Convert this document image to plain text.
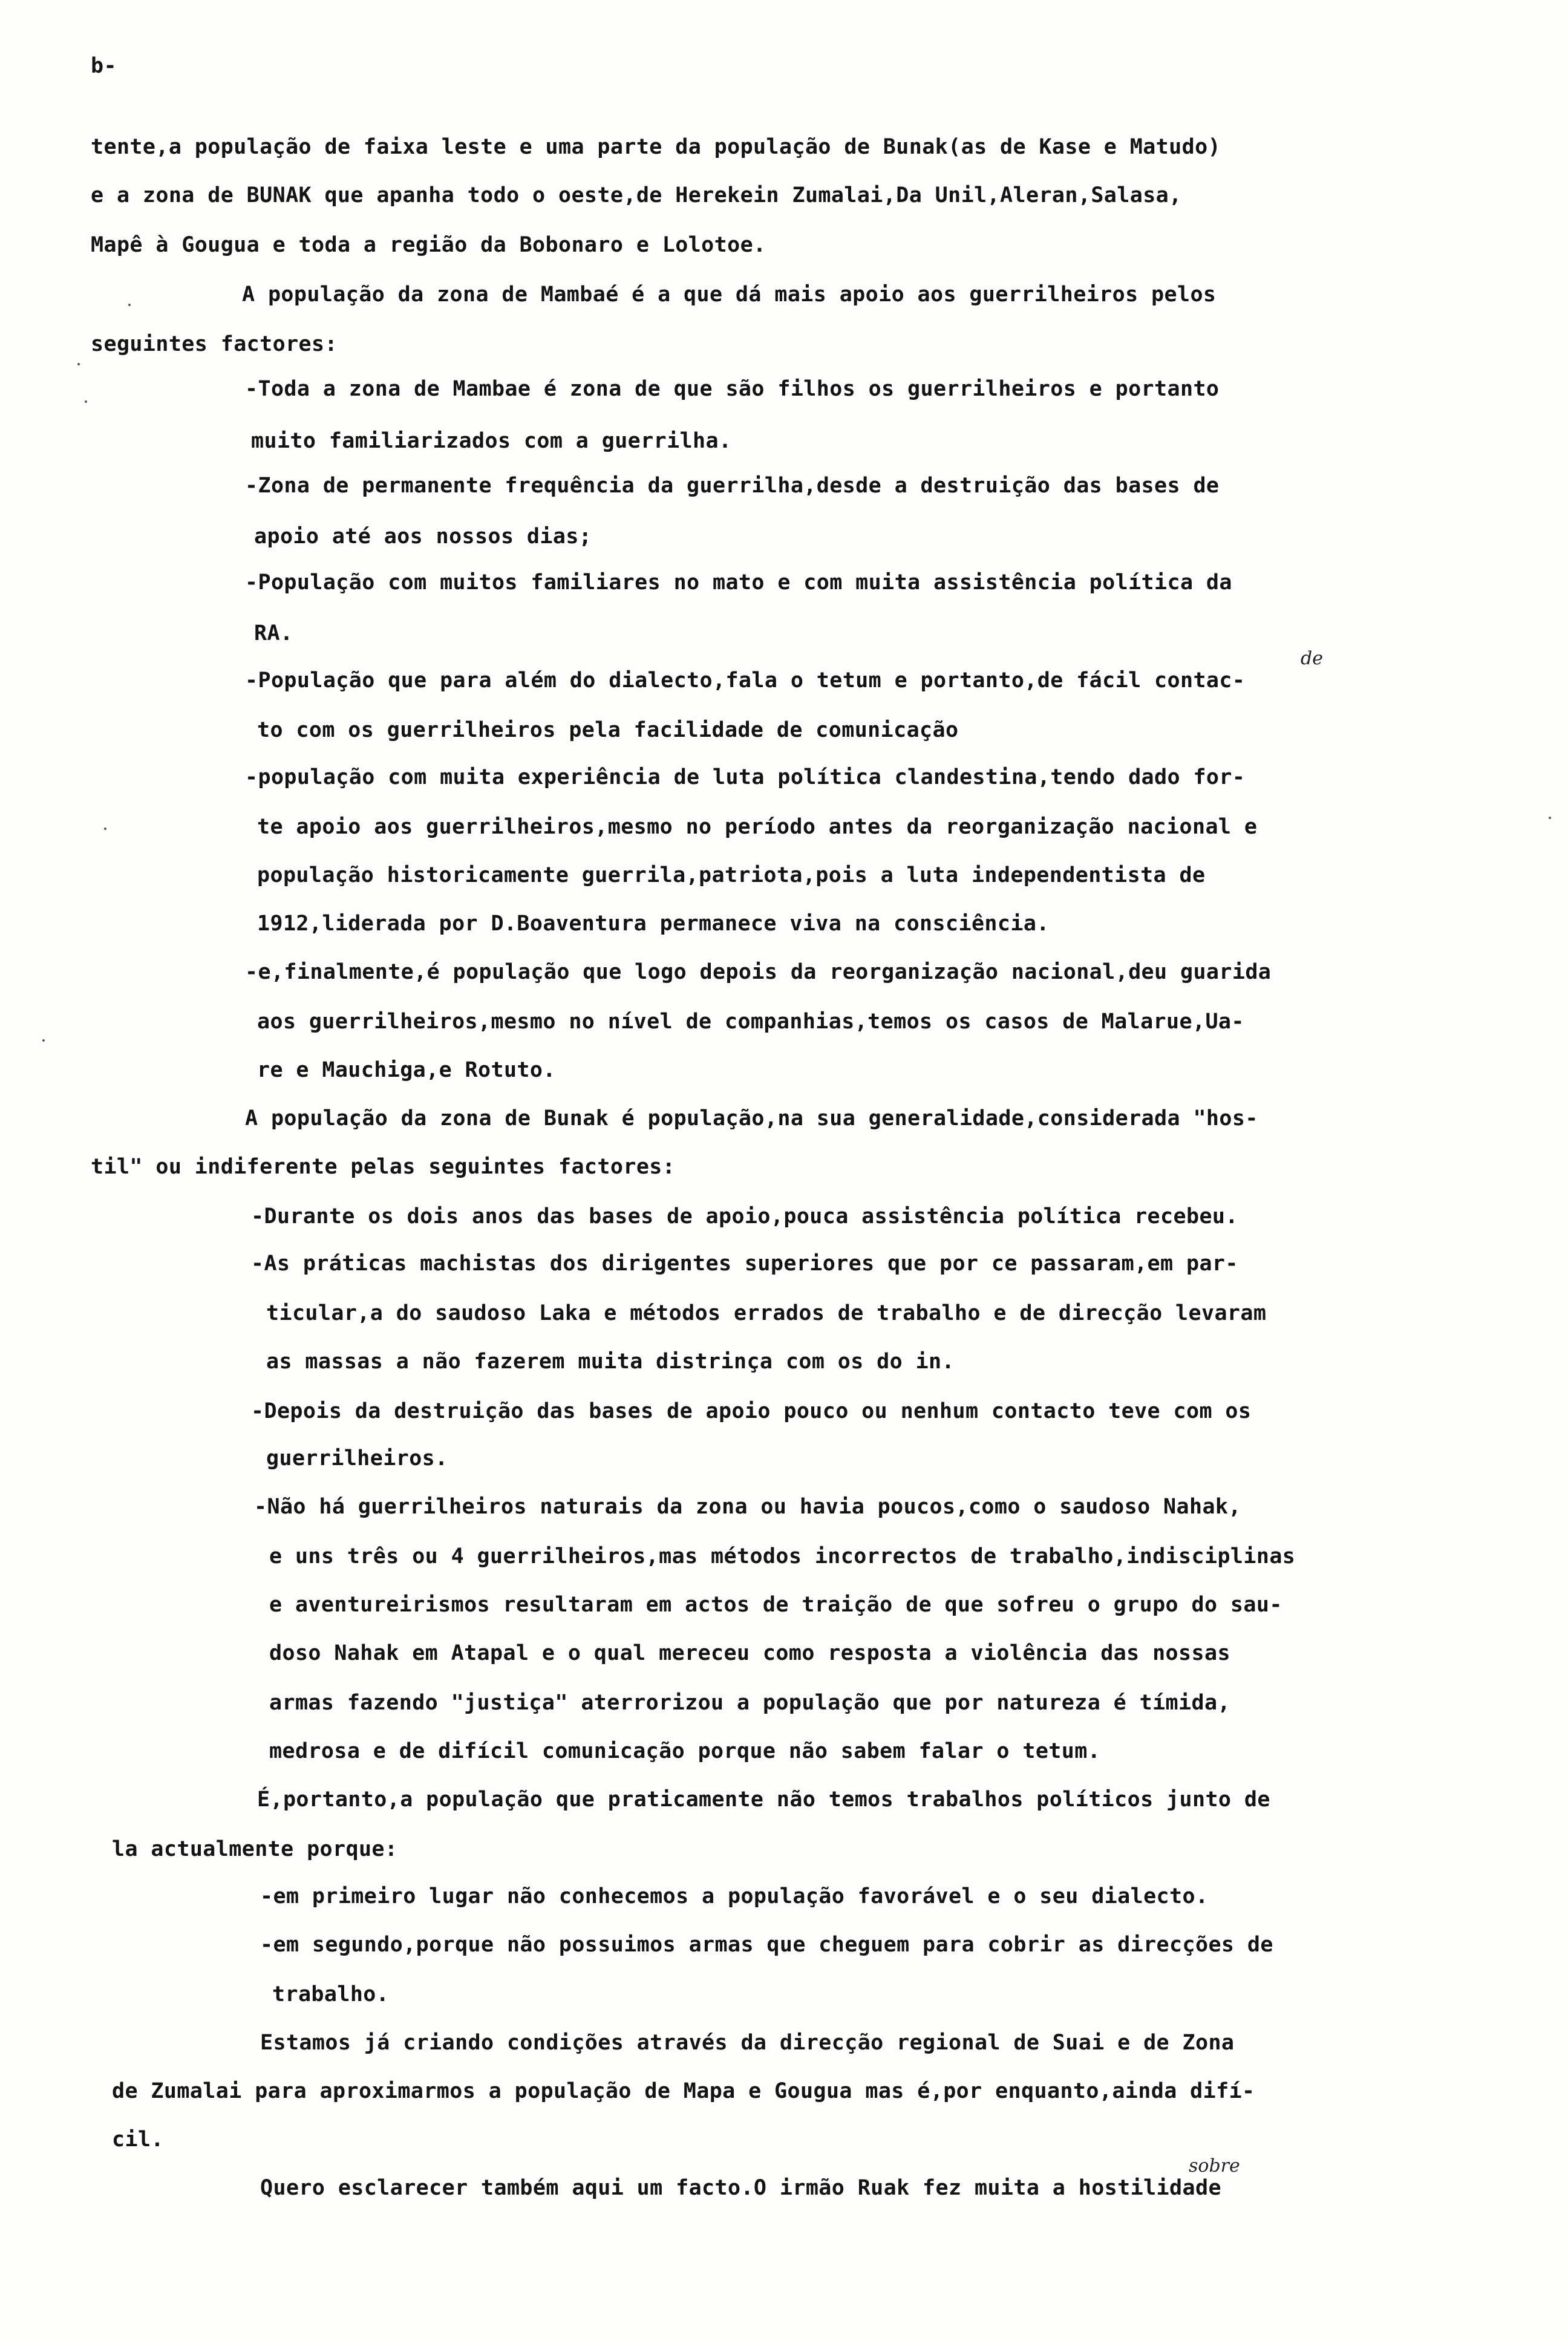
b-
tente,a população de faixa leste e uma parte da população de Bunak(as de Kase e Matudo)
e a zona de BUNAK que apanha todo o oeste,de Herekein Zumalai,Da Unil,Aleran,Salasa,
Mapê à Gougua e toda a região da Bobonaro e Lolotoe.
A população da zona de Mambaé é a que dá mais apoio aos guerrilheiros pelos
seguintes factores:
-Toda a zona de Mambae é zona de que são filhos os guerrilheiros e portanto
muito familiarizados com a guerrilha.
-Zona de permanente frequência da guerrilha,desde a destruição das bases de
apoio até aos nossos dias;
-População com muitos familiares no mato e com muita assistência política da
RA.
-População que para além do dialecto,fala o tetum e portanto,de fácil contac-
to com os guerrilheiros pela facilidade de comunicação
-população com muita experiência de luta política clandestina,tendo dado for-
te apoio aos guerrilheiros,mesmo no período antes da reorganização nacional e
população historicamente guerrila,patriota,pois a luta independentista de
1912,liderada por D.Boaventura permanece viva na consciência.
-e,finalmente,é população que logo depois da reorganização nacional,deu guarida
aos guerrilheiros,mesmo no nível de companhias,temos os casos de Malarue,Ua-
re e Mauchiga,e Rotuto.
A população da zona de Bunak é população,na sua generalidade,considerada "hos-
til" ou indiferente pelas seguintes factores:
-Durante os dois anos das bases de apoio,pouca assistência política recebeu.
-As práticas machistas dos dirigentes superiores que por ce passaram,em par-
ticular,a do saudoso Laka e métodos errados de trabalho e de direcção levaram
as massas a não fazerem muita distrinça com os do in.
-Depois da destruição das bases de apoio pouco ou nenhum contacto teve com os
guerrilheiros.
-Não há guerrilheiros naturais da zona ou havia poucos,como o saudoso Nahak,
e uns três ou 4 guerrilheiros,mas métodos incorrectos de trabalho,indisciplinas
e aventureirismos resultaram em actos de traição de que sofreu o grupo do sau-
doso Nahak em Atapal e o qual mereceu como resposta a violência das nossas
armas fazendo "justiça" aterrorizou a população que por natureza é tímida,
medrosa e de difícil comunicação porque não sabem falar o tetum.
É,portanto,a população que praticamente não temos trabalhos políticos junto de
la actualmente porque:
-em primeiro lugar não conhecemos a população favorável e o seu dialecto.
-em segundo,porque não possuimos armas que cheguem para cobrir as direcções de
trabalho.
Estamos já criando condições através da direcção regional de Suai e de Zona
de Zumalai para aproximarmos a população de Mapa e Gougua mas é,por enquanto,ainda difí-
cil.
Quero esclarecer também aqui um facto.O irmão Ruak fez muita a hostilidade
de
sobre
